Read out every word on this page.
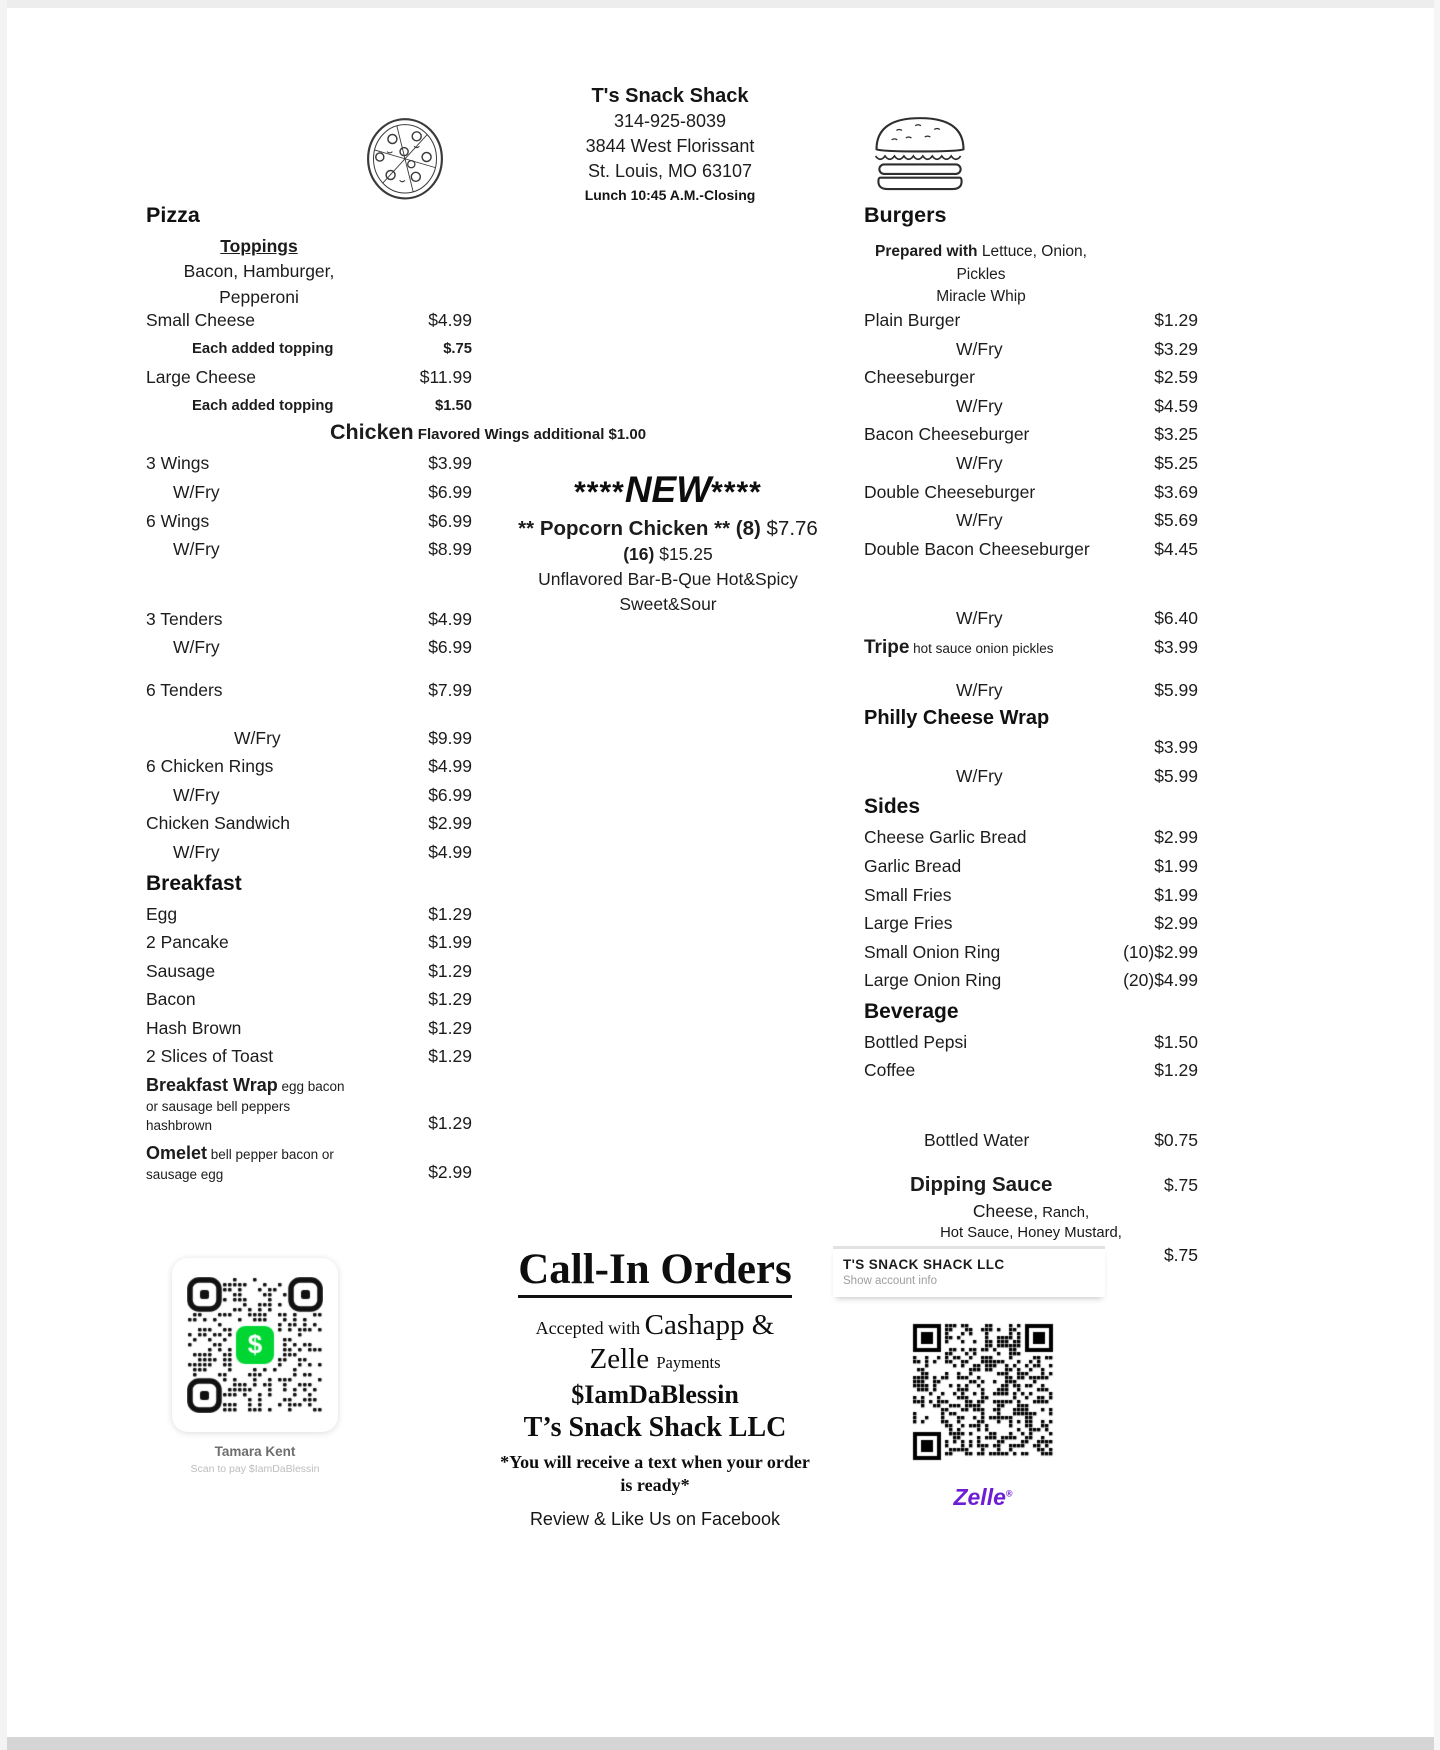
T's Snack Shack
314-925-8039
3844 West Florissant
St. Louis, MO 63107
Lunch 10:45 A.M.-Closing
Pizza	Burgers
Toppings
Bacon, Hamburger,
Pepperoni
Prepared with Lettuce, Onion,
Pickles
Miracle Whip
Chicken Flavored Wings additional $1.00
Small Cheese	$4.99
Each added topping	$.75
Large Cheese	$11.99
Each added topping	$1.50
3 Wings	$3.99
W/Fry	$6.99
6 Wings	$6.99
W/Fry	$8.99
3 Tenders	$4.99
W/Fry	$6.99
6 Tenders	$7.99
W/Fry	$9.99
6 Chicken Rings	$4.99
W/Fry	$6.99
Chicken Sandwich	$2.99
W/Fry	$4.99
Breakfast
Egg	$1.29
2 Pancake	$1.99
Sausage	$1.29
Bacon	$1.29
Hash Brown	$1.29
2 Slices of Toast	$1.29
Breakfast Wrap egg bacon
or sausage bell peppers
hashbrown	$1.29
Omelet bell pepper bacon or
sausage egg	$2.99
Plain Burger	$1.29
W/Fry	$3.29
Cheeseburger	$2.59
W/Fry	$4.59
Bacon Cheeseburger	$3.25
W/Fry	$5.25
Double Cheeseburger	$3.69
W/Fry	$5.69
Double Bacon Cheeseburger	$4.45
W/Fry	$6.40
Tripe hot sauce onion pickles	$3.99
W/Fry	$5.99
Philly Cheese Wrap
$3.99
W/Fry	$5.99
Sides
Cheese Garlic Bread	$2.99
Garlic Bread	$1.99
Small Fries	$1.99
Large Fries	$2.99
Small Onion Ring	(10)$2.99
Large Onion Ring	(20)$4.99
Beverage
Bottled Pepsi	$1.50
Coffee	$1.29
Bottled Water	$0.75
Dipping Sauce	$.75
Cheese, Ranch,
Hot Sauce, Honey Mustard,
$.75
****NEW****
** Popcorn Chicken ** (8) $7.76
(16) $15.25
Unflavored Bar-B-Que Hot&Spicy
Sweet&Sour
Tamara Kent
Scan to pay $IamDaBlessin
Call-In Orders
Accepted with Cashapp &
Zelle Payments
$IamDaBlessin
T’s Snack Shack LLC
*You will receive a text when your order
is ready*
Review & Like Us on Facebook
T'S SNACK SHACK LLC
Show account info
Zelle®
